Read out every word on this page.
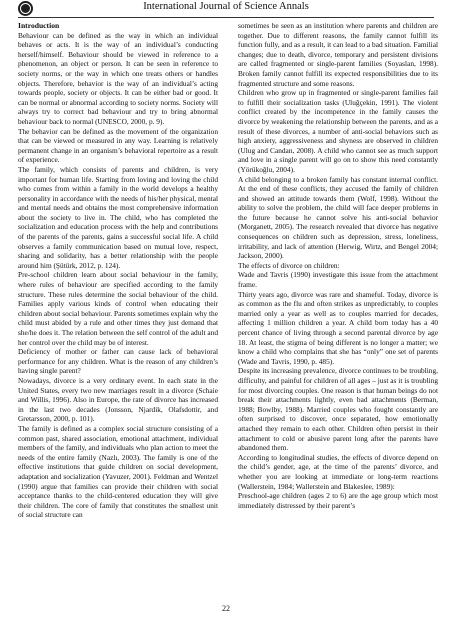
International Journal of Science Annals

Introduction

Behaviour can be defined as the way in which an individual behaves or acts. It is the way of an individual’s conducting herself/himself. Behaviour should be viewed in reference to a phenomenon, an object or person. It can be seen in reference to society norms, or the way in which one treats others or handles objects. Therefore, behavior is the way of an individual’s acting towards people, society or objects. It can be either bad or good. It can be normal or abnormal according to society norms. Society will always try to correct bad behaviour and try to bring abnormal behaviour back to normal (UNESCO, 2000, p. 9).

The behavior can be defined as the movement of the organization that can be viewed or measured in any way. Learning is relatively permanent change in an organism’s behavioral repertoire as a result of experience.

The family, which consists of parents and children, is very important for human life. Starting from loving and loving the child who comes from within a family in the world develops a healthy personality in accordance with the needs of his/her physical, mental and mental needs and obtains the most comprehensive information about the society to live in. The child, who has completed the socialization and education process with the help and contributions of the parents of the parents, gains a successful social life. A child observes a family communication based on mutual love, respect, sharing and solidarity, has a better relationship with the people around him (Şütürk, 2012, p. 124).

Pre-school children learn about social behaviour in the family, where rules of behaviour are specified according to the family structure. These rules determine the social behaviour of the child. Families apply various kinds of control when educating their children about social behaviour. Parents sometimes explain why the child must abided by a rule and other times they just demand that she/he does it. The relation between the self control of the adult and her control over the child may be of interest.

Deficiency of mother or father can cause lack of behavioral performance for any children. What is the reason of any children’s having single parent?

Nowadays, divorce is a very ordinary event. In each state in the United States, every two new marriages result in a divorce (Schaie and Willis, 1996). Also in Europe, the rate of divorce has increased in the last two decades (Jonsson, Njardik, Olafsdottir, and Gretarsson, 2000, p. 101).

The family is defined as a complex social structure consisting of a common past, shared association, emotional attachment, individual members of the family, and individuals who plan action to meet the needs of the entire family (Nazlı, 2003). The family is one of the effective institutions that guide children on social development, adaptation and socialization (Yavuzer, 2001). Feldman and Wentzel (1990) argue that families can provide their children with social acceptance thanks to the child-centered education they will give their children. The core of family that constitutes the smallest unit of social structure can

sometimes be seen as an institution where parents and children are together. Due to different reasons, the family cannot fulfill its function fully, and as a result, it can lead to a bad situation. Familial changes; due to death, divorce, temporary and persistent divisions are called fragmented or single-parent families (Soyaslan, 1998). Broken family cannot fulfill its expected responsibilities due to its fragmented structure and some reasons.

Children who grow up in fragmented or single-parent families fail to fulfill their socialization tasks (Uluğçekin, 1991). The violent conflict created by the incompetence in the family causes the divorce by weakening the relationship between the parents, and as a result of these divorces, a number of anti-social behaviors such as high anxiety, aggressiveness and shyness are observed in children (Ulug and Candan, 2008). A child who cannot see as much support and love in a single parent will go on to show this need constantly (Yörükoğlu, 2004).

A child belonging to a broken family has constant internal conflict. At the end of these conflicts, they accused the family of children and showed an attitude towards them (Wolf, 1998). Without the ability to solve the problem, the child will face deeper problems in the future because he cannot solve his anti-social behavior (Morganett, 2005). The research revealed that divorce has negative consequences on children such as depression, stress, loneliness, irritability, and lack of attention (Herwig, Wirtz, and Bengel 2004; Jackson, 2000).

The effects of divorce on children:

Wade and Tavris (1990) investigate this issue from the attachment frame.

Thirty years ago, divorce was rare and shameful. Today, divorce is as common as the flu and often strikes as unpredictably, to couples married only a year as well as to couples married for decades, affecting 1 million children a year. A child born today has a 40 percent chance of living through a second parental divorce by age 18. At least, the stigma of being different is no longer a matter; we know a child who complains that she has “only” one set of parents (Wade and Tavris, 1990, p. 485).

Despite its increasing prevalence, divorce continues to be troubling, difficulty, and painful for children of all ages – just as it is troubling for most divorcing couples. One reason is that human beings do not break their attachments lightly, even bad attachments (Berman, 1988; Bowlby, 1988). Married couples who fought constantly are often surprised to discover, once separated, how emotionally attached they remain to each other. Children often persist in their attachment to cold or abusive parent long after the parents have abandoned them.

According to longitudinal studies, the effects of divorce depend on the child’s gender, age, at the time of the parents’ divorce, and whether you are looking at immediate or long-term reactions (Wallerstein, 1984; Wallerstein and Blakeslee, 1989):

Preschool-age children (ages 2 to 6) are the age group which most immediately distressed by their parent’s

22
